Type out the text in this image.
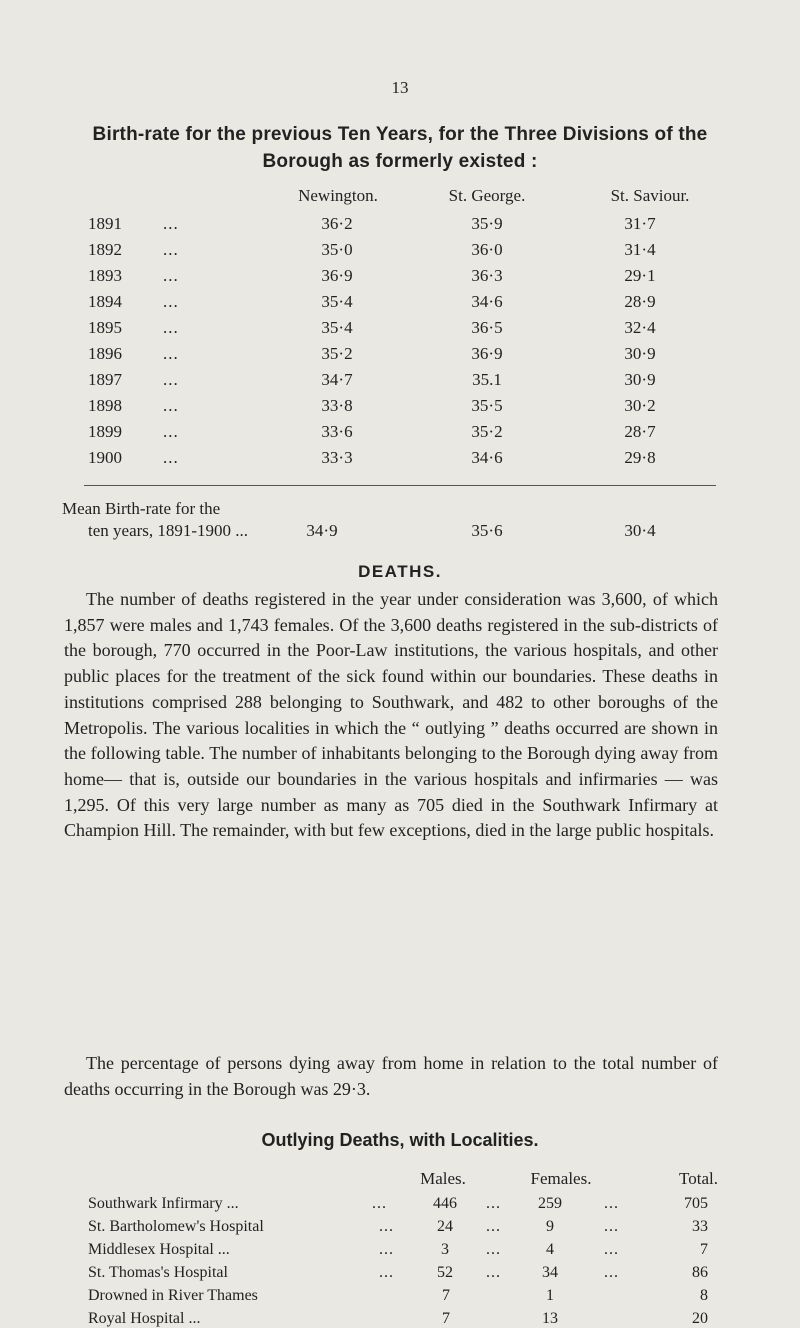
13
Birth-rate for the previous Ten Years, for the Three Divisions of the
Borough as formerly existed :
Newington.	St. George.	St. Saviour.
1891	...	36·2	35·9	31·7
1892	...	35·0	36·0	31·4
1893	...	36·9	36·3	29·1
1894	...	35·4	34·6	28·9
1895	...	35·4	36·5	32·4
1896	...	35·2	36·9	30·9
1897	...	34·7	35.1	30·9
1898	...	33·8	35·5	30·2
1899	...	33·6	35·2	28·7
1900	...	33·3	34·6	29·8
Mean Birth-rate for the
ten years, 1891-1900 ...	34·9	35·6	30·4
DEATHS.

The number of deaths registered in the year under consideration was 3,600, of which 1,857 were males and 1,743 females. Of the 3,600 deaths registered in the sub-districts of the borough, 770 occurred in the Poor-Law institutions, the various hospitals, and other public places for the treatment of the sick found within our boundaries. These deaths in institutions comprised 288 belonging to Southwark, and 482 to other boroughs of the Metropolis. The various localities in which the “ outlying ” deaths occurred are shown in the following table. The number of inhabitants belonging to the Borough dying away from home— that is, outside our boundaries in the various hospitals and infirmaries — was 1,295. Of this very large number as many as 705 died in the Southwark Infirmary at Champion Hill. The remainder, with but few exceptions, died in the large public hospitals.

The percentage of persons dying away from home in relation to the total number of deaths occurring in the Borough was 29·3.

Outlying Deaths, with Localities.
Males.	Females.	Total.
Southwark Infirmary ...	...	446	...	259	...	705
St. Bartholomew's Hospital	...	24	...	9	...	33
Middlesex Hospital ...	...	3	...	4	...	7
St. Thomas's Hospital	...	52	...	34	...	86
Drowned in River Thames	7	1	8
Royal Hospital ...	7	13	20
